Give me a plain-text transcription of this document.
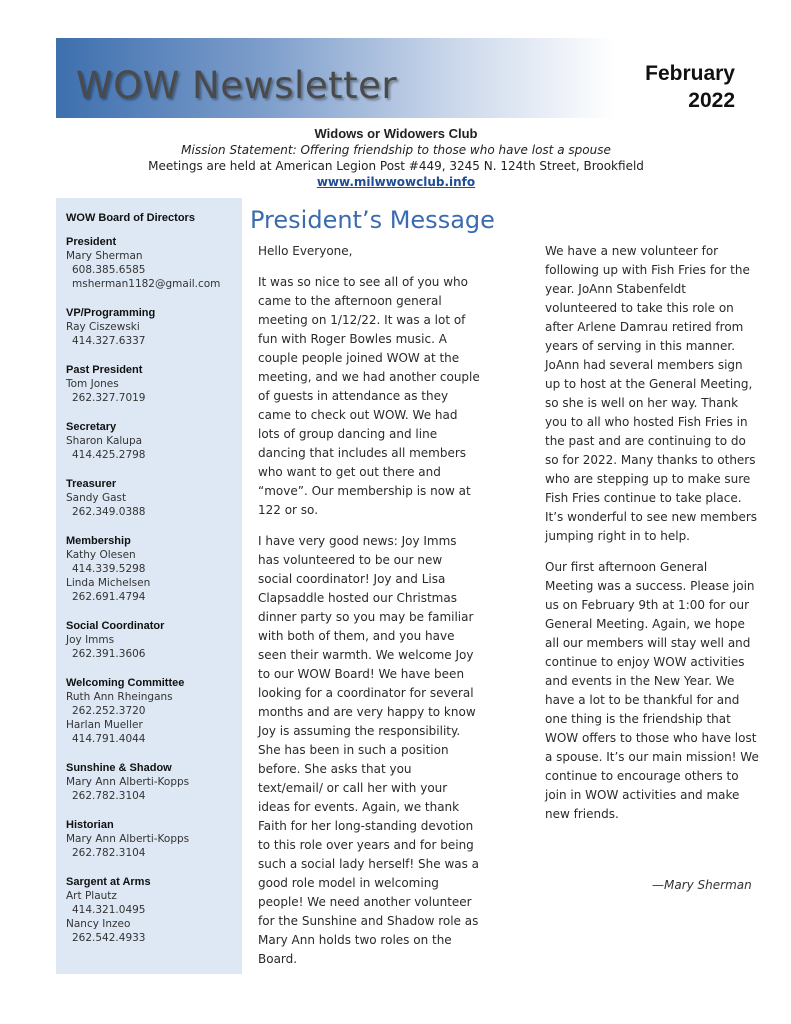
WOW Newsletter	February
2022
Widows or Widowers Club
Mission Statement: Offering friendship to those who have lost a spouse
Meetings are held at American Legion Post #449, 3245 N. 124th Street, Brookfield
www.milwwowclub.info
WOW Board of Directors
President
Mary Sherman
608.385.6585
msherman1182@gmail.com
VP/Programming
Ray Ciszewski
414.327.6337
Past President
Tom Jones
262.327.7019
Secretary
Sharon Kalupa
414.425.2798
Treasurer
Sandy Gast
262.349.0388
Membership
Kathy Olesen
414.339.5298
Linda Michelsen
262.691.4794
Social Coordinator
Joy Imms
262.391.3606
Welcoming Committee
Ruth Ann Rheingans
262.252.3720
Harlan Mueller
414.791.4044
Sunshine & Shadow
Mary Ann Alberti-Kopps
262.782.3104
Historian
Mary Ann Alberti-Kopps
262.782.3104
Sargent at Arms
Art Plautz
414.321.0495
Nancy Inzeo
262.542.4933
President’s Message

Hello Everyone,

It was so nice to see all of you who came to the afternoon general meeting on 1/12/22. It was a lot of fun with Roger Bowles music. A couple people joined WOW at the meeting, and we had another couple of guests in attendance as they came to check out WOW. We had lots of group dancing and line dancing that includes all members who want to get out there and “move”. Our membership is now at 122 or so.

I have very good news: Joy Imms has volunteered to be our new social coordinator! Joy and Lisa Clapsaddle hosted our Christmas dinner party so you may be familiar with both of them, and you have seen their warmth. We welcome Joy to our WOW Board! We have been looking for a coordinator for several months and are very happy to know Joy is assuming the responsibility. She has been in such a position before. She asks that you text/email/ or call her with your ideas for events. Again, we thank Faith for her long-standing devotion to this role over years and for being such a social lady herself! She was a good role model in welcoming people! We need another volunteer for the Sunshine and Shadow role as Mary Ann holds two roles on the Board.

We have a new volunteer for following up with Fish Fries for the year. JoAnn Stabenfeldt volunteered to take this role on after Arlene Damrau retired from years of serving in this manner. JoAnn had several members sign up to host at the General Meeting, so she is well on her way. Thank you to all who hosted Fish Fries in the past and are continuing to do so for 2022. Many thanks to others who are stepping up to make sure Fish Fries continue to take place. It’s wonderful to see new members jumping right in to help.

Our first afternoon General Meeting was a success. Please join us on February 9th at 1:00 for our General Meeting. Again, we hope all our members will stay well and continue to enjoy WOW activities and events in the New Year. We have a lot to be thankful for and one thing is the friendship that WOW offers to those who have lost a spouse. It’s our main mission! We continue to encourage others to join in WOW activities and make new friends.

—Mary Sherman
